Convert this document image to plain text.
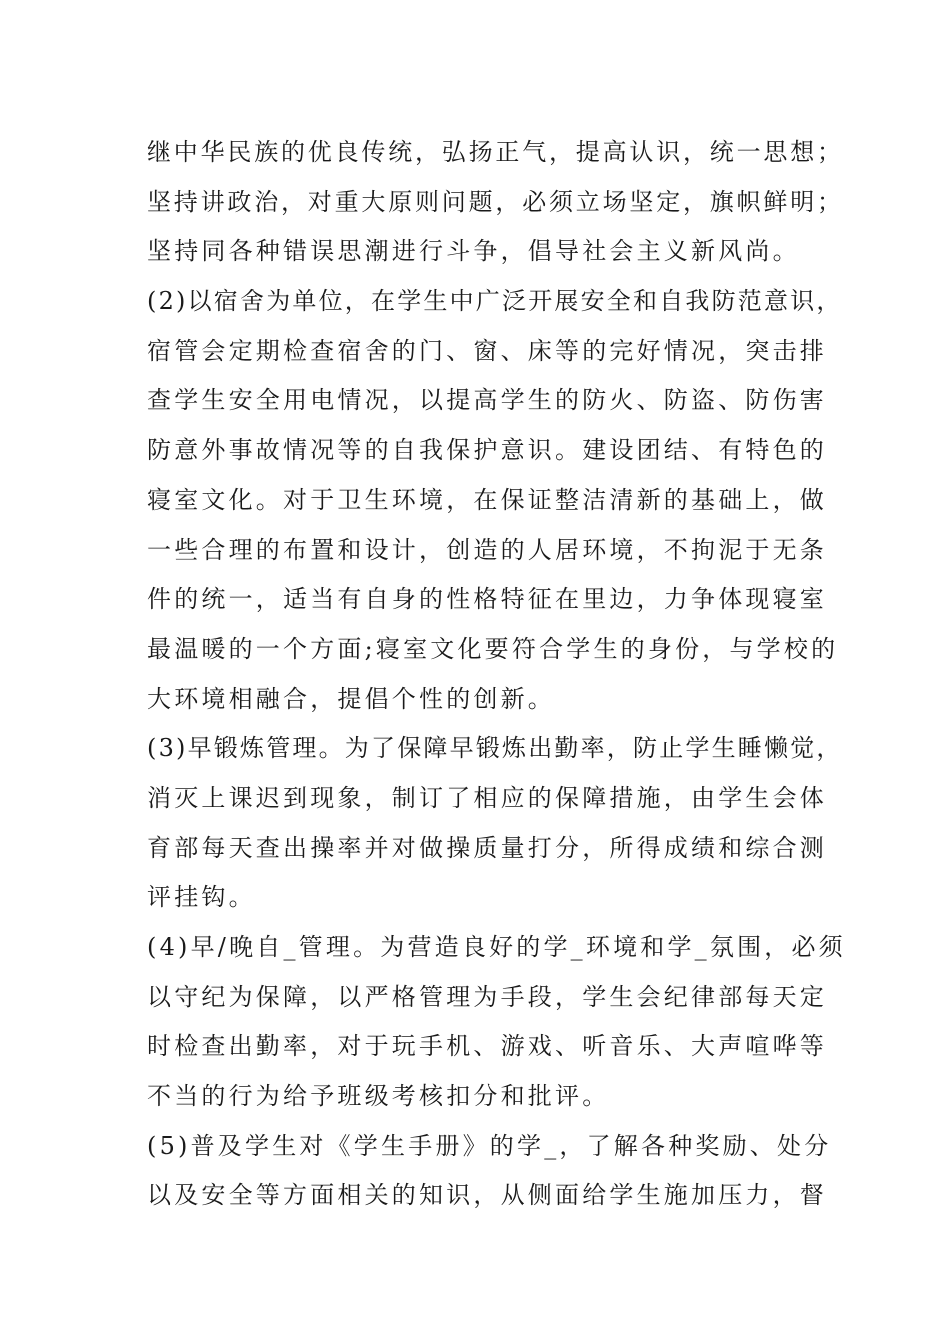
继中华民族的优良传统，弘扬正气，提高认识，统一思想；
坚持讲政治，对重大原则问题，必须立场坚定，旗帜鲜明；
坚持同各种错误思潮进行斗争，倡导社会主义新风尚。
(2)以宿舍为单位，在学生中广泛开展安全和自我防范意识，
宿管会定期检查宿舍的门、窗、床等的完好情况，突击排
查学生安全用电情况，以提高学生的防火、防盗、防伤害
防意外事故情况等的自我保护意识。建设团结、有特色的
寝室文化。对于卫生环境，在保证整洁清新的基础上，做
一些合理的布置和设计，创造的人居环境，不拘泥于无条
件的统一，适当有自身的性格特征在里边，力争体现寝室
最温暖的一个方面;寝室文化要符合学生的身份，与学校的
大环境相融合，提倡个性的创新。
(3)早锻炼管理。为了保障早锻炼出勤率，防止学生睡懒觉，
消灭上课迟到现象，制订了相应的保障措施，由学生会体
育部每天查出操率并对做操质量打分，所得成绩和综合测
评挂钩。
(4)早/晚自_管理。为营造良好的学_环境和学_氛围，必须
以守纪为保障，以严格管理为手段，学生会纪律部每天定
时检查出勤率，对于玩手机、游戏、听音乐、大声喧哗等
不当的行为给予班级考核扣分和批评。
(5)普及学生对《学生手册》的学_，了解各种奖励、处分
以及安全等方面相关的知识，从侧面给学生施加压力，督
